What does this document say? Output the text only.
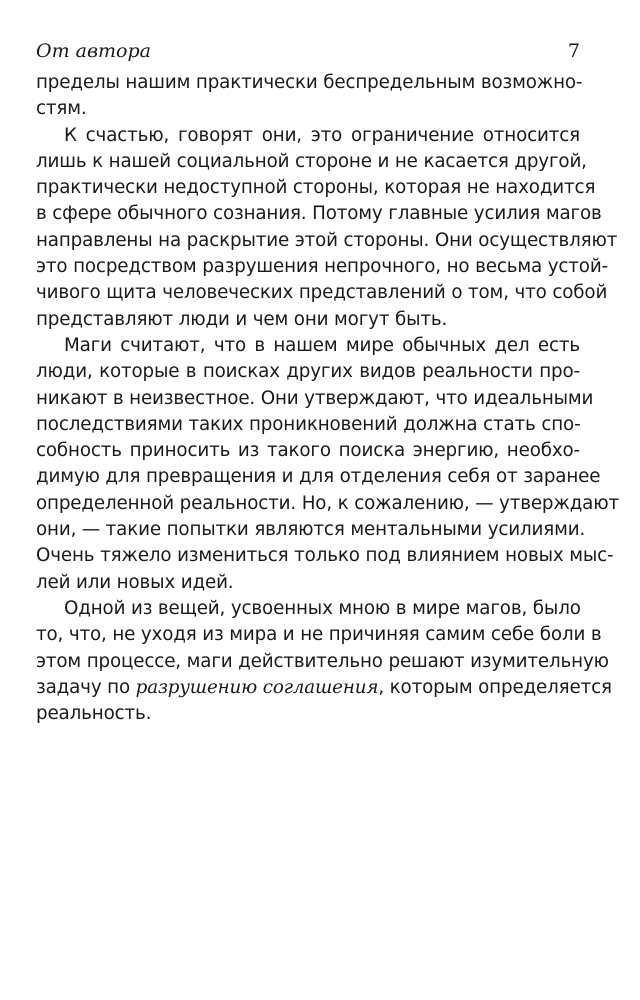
От автора	7
пределы нашим практически беспредельным возможно-
стям.
К счастью, говорят они, это ограничение относится
лишь к нашей социальной стороне и не касается другой,
практически недоступной стороны, которая не находится
в сфере обычного сознания. Потому главные усилия магов
направлены на раскрытие этой стороны. Они осуществляют
это посредством разрушения непрочного, но весьма устой-
чивого щита человеческих представлений о том, что собой
представляют люди и чем они могут быть.
Маги считают, что в нашем мире обычных дел есть
люди, которые в поисках других видов реальности про-
никают в неизвестное. Они утверждают, что идеальными
последствиями таких проникновений должна стать спо-
собность приносить из такого поиска энергию, необхо-
димую для превращения и для отделения себя от заранее
определенной реальности. Но, к сожалению, — утверждают
они, — такие попытки являются ментальными усилиями.
Очень тяжело измениться только под влиянием новых мыс-
лей или новых идей.
Одной из вещей, усвоенных мною в мире магов, было
то, что, не уходя из мира и не причиняя самим себе боли в
этом процессе, маги действительно решают изумительную
задачу по разрушению соглашения, которым определяется
реальность.
